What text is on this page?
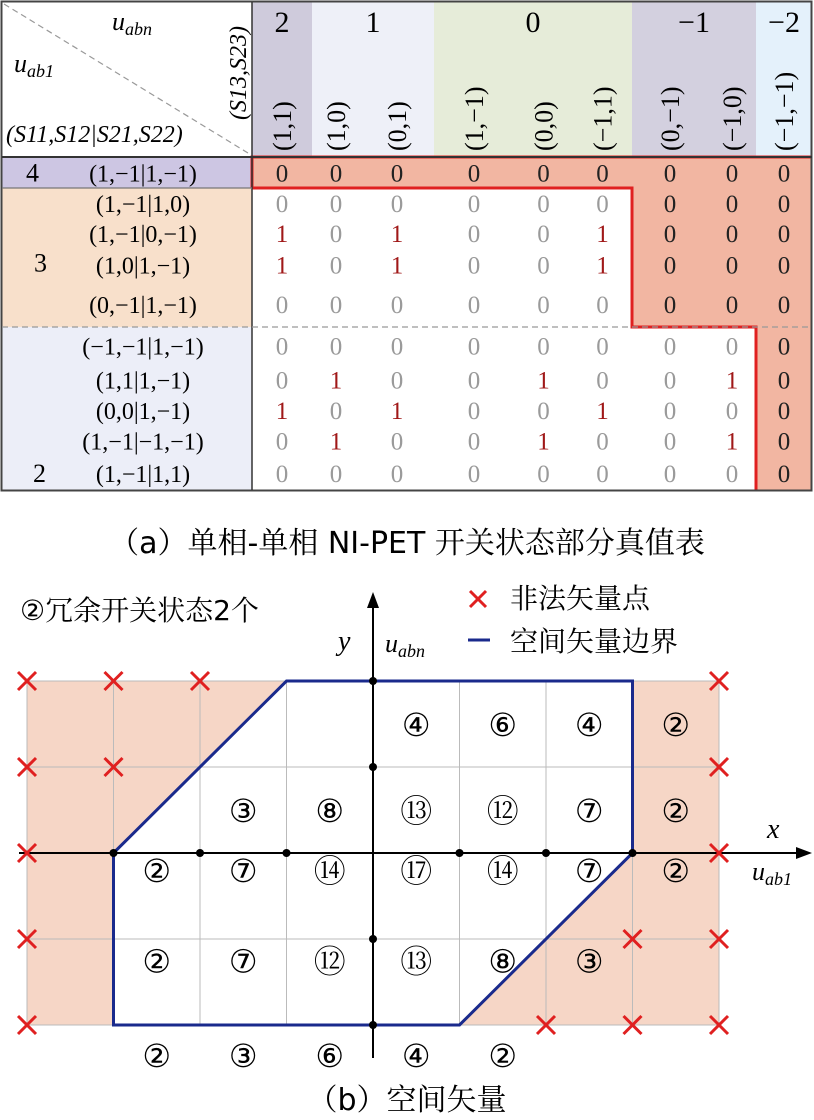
2	1	0	−1 −2
uabn
uab1
(S11,S12|S21,S22)
(S13,S23)
(1,1) (1,0) (0,1) (1,−1) (0,0) (−1,1) (0,−1) (−1,0) (−1,−1)
4
3
2
(1,−1|1,−1)	0 0 0	0 0 0 0 0 0
(1,−1|1,0)	0 0 0	0 0 0 0 0 0
(1,−1|0,−1)	1 0 1	0 0 1 0 0 0
(1,0|1,−1)	1 0 1	0 0 1 0 0 0
(0,−1|1,−1)	0 0 0	0 0 0 0 0 0
(−1,−1|1,−1)	0 0 0	0 0 0 0 0 0
(1,1|1,−1)	0 1 0	0 1 0 0 1 0
(0,0|1,−1)	1 0 1	0 0 1 0 0 0
(1,−1|−1,−1)	0 1 0	0 1 0 0 1 0
(1,−1|1,1)	0 0 0	0 0 0 0 0 0
（a）单相-单相 NI-PET 开关状态部分真值表
x
uab1
y uabn
④ ⑥ ④ ②
③ ⑧ ⑬ ⑫ ⑦ ②
② ⑦ ⑭ ⑰ ⑭ ⑦ ②
② ⑦ ⑫ ⑬ ⑧ ③
② ③ ⑥ ④ ②
②冗余开关状态2个	非法矢量点
空间矢量边界
（b）空间矢量
